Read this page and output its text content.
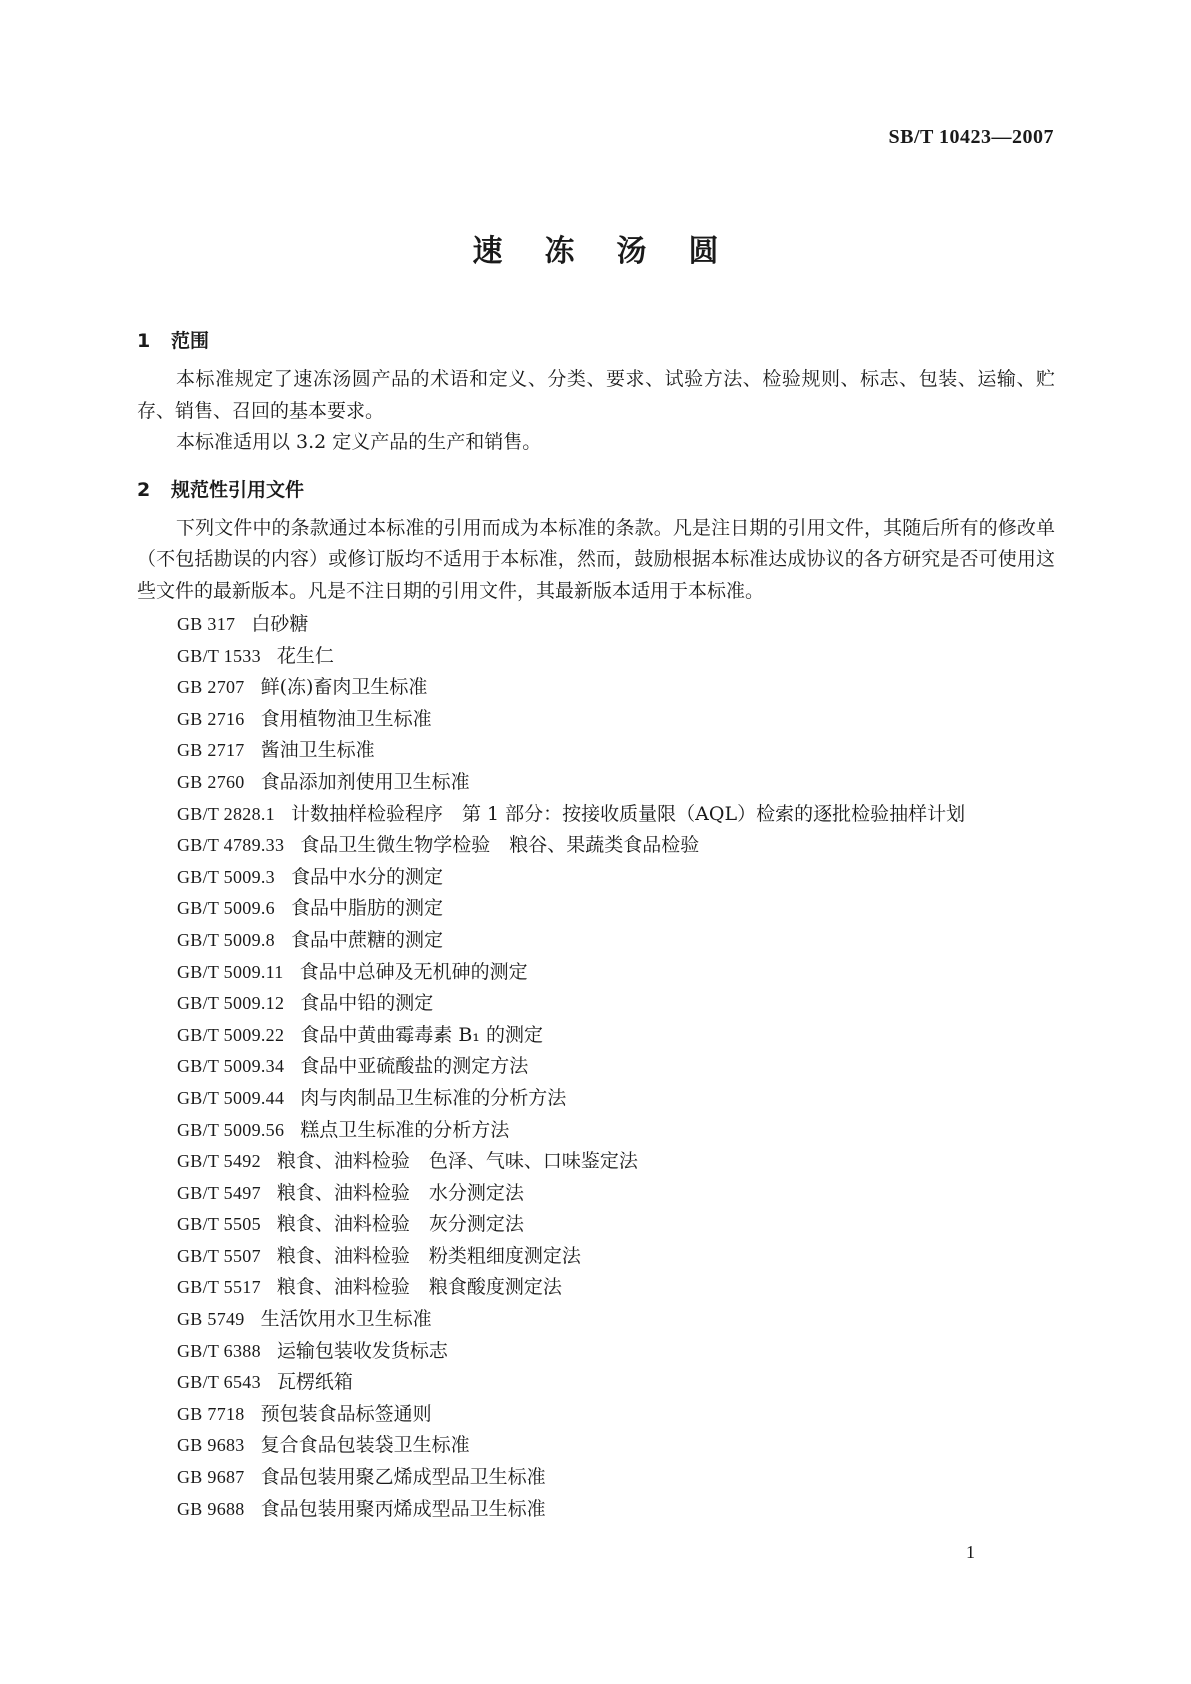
SB/T 10423—2007
速 冻 汤 圆
1	范围

本标准规定了速冻汤圆产品的术语和定义、分类、要求、试验方法、检验规则、标志、包装、运输、贮存、销售、召回的基本要求。

本标准适用以 3.2 定义产品的生产和销售。

2	规范性引用文件

下列文件中的条款通过本标准的引用而成为本标准的条款。凡是注日期的引用文件，其随后所有的修改单（不包括勘误的内容）或修订版均不适用于本标准，然而，鼓励根据本标准达成协议的各方研究是否可使用这些文件的最新版本。凡是不注日期的引用文件，其最新版本适用于本标准。

GB 317 白砂糖
GB/T 1533 花生仁
GB 2707 鲜(冻)畜肉卫生标准
GB 2716 食用植物油卫生标准
GB 2717 酱油卫生标准
GB 2760 食品添加剂使用卫生标准
GB/T 2828.1 计数抽样检验程序　第 1 部分：按接收质量限（AQL）检索的逐批检验抽样计划
GB/T 4789.33 食品卫生微生物学检验　粮谷、果蔬类食品检验
GB/T 5009.3 食品中水分的测定
GB/T 5009.6 食品中脂肪的测定
GB/T 5009.8 食品中蔗糖的测定
GB/T 5009.11 食品中总砷及无机砷的测定
GB/T 5009.12 食品中铅的测定
GB/T 5009.22 食品中黄曲霉毒素 B₁ 的测定
GB/T 5009.34 食品中亚硫酸盐的测定方法
GB/T 5009.44 肉与肉制品卫生标准的分析方法
GB/T 5009.56 糕点卫生标准的分析方法
GB/T 5492 粮食、油料检验　色泽、气味、口味鉴定法
GB/T 5497 粮食、油料检验　水分测定法
GB/T 5505 粮食、油料检验　灰分测定法
GB/T 5507 粮食、油料检验　粉类粗细度测定法
GB/T 5517 粮食、油料检验　粮食酸度测定法
GB 5749 生活饮用水卫生标准
GB/T 6388 运输包装收发货标志
GB/T 6543 瓦楞纸箱
GB 7718 预包装食品标签通则
GB 9683 复合食品包装袋卫生标准
GB 9687 食品包装用聚乙烯成型品卫生标准
GB 9688 食品包装用聚丙烯成型品卫生标准
1
